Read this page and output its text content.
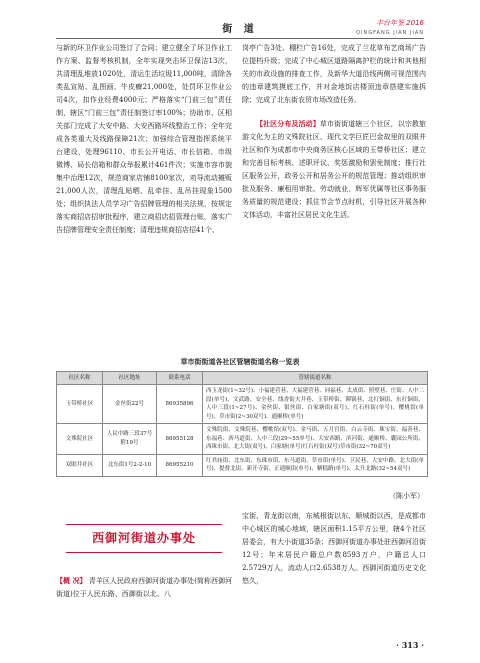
街 道
丰台年鉴 2016
QINGFANG JIAN JIAN

与新的环卫作业公司签订了合同；建立健全了环卫作业工作方案、监督考核机制，全年实现突击环卫保洁13次，共清理乱堆放1020处，清运生活垃圾11,000吨，清除各类乱宣贴、乱图画、牛皮癣21,000处，处罚环卫作业公司4次，扣作业经费4000元；严格落实“门前三包”责任制，辖区“门前三包”责任制签订率100%；协助市、区相关部门完成了大安中路、大安西路环线整治工作；全年完成各类重大及线路保障21次；加强综合管理指挥系统平台建设，处理96110、市长公开电话、市长信箱、市级微博、局长信箱和群众举报累计461件次；实施市容市貌集中治理12次，规范商家店铺8100家次，劝导流动摊贩21,000人次，清理乱贴晒、乱牵挂、乱吊挂现象1500处；组织执法人员学习广告招牌管理的相关法规，按规定落实商招店招审批程序，建立商招店招管理台账，落实广告招牌管理安全责任制度；清理违规商招店招41个、

岗亭广告3处、棚栏广告16处，完成了兰花草布艺商场广告位提档升级；完成了中心城区道路隔离护栏的统计和其他相关的市政设施的排查工作，及新华大道沿线两侧可视范围内的违章建筑摸底工作，并对金地饭店楼顶违章搭建实施拆除；完成了北东街农贸市场改造任务。

【社区分布及活动】草市街街道辖三个社区，以宗教旅游文化为主的文殊院社区、现代文学巨匠巴金故里的双眼井社区和作为成都市中央商务区核心区域的玉带桥社区；建立和完善目标考核、述职评议、奖惩激励和罢免制度；推行社区服务公开，政务公开和居务公开的规范管理；推动组织审批及服务、廉租用审批、劳动就业、辉军优属等社区事务服务质量的规范建设；抓住节会节点时机，引导社区开展各种文体活动，丰富社区居民文化生活。

草市街街道各社区管辖街道名称一览表
社区名称	社区地址	联系电话	管辖街道名称
玉带桥社区	金丝街22号	86935896	西玉龙街(1~32号)、小福建营巷、大福建营巷、同福巷、太成街、照壁巷、庄街、人中二段(单号)、文武路、安全巷、线香街夫井巷、玉带桥街、铆锅巷、北打铜街、东打铜街、人中三段(1~27号)、金丝街、银丝街、白家塘街(双号)、红石柱街(单号)、樱桃馆(单号)、草市街(2~30双号)、通顺桥(单号)
文殊院社区	人民中路三段37号附19号	86955128	文殊院街、文殊院巷、樱桃馆(双号)、金马街、五月宫街、白云寺街、珠宝街、福善巷、东福巷、西马道街、人中三段(29~55单号)、大安西路、滨河街、通顺桥、囊园公所街、西珠市街、北大街(双号)、白家塘(单号)红石柱街(双号)草市街(32~70双号)
双眼井社区	北东街1号2-2-10	86955210	红君庙街、北东街、东珠市街、东马道街、草市街(单号)、卫民巷、大安中路、北大街(单号)、提督北街、新开寺街、正通顺街(单号)、糖糕路(单号)、太升北路(32~54双号)
（陈小军）
西御河街道办事处

【概 况】 青羊区人民政府西御河街道办事处(简称西御河街道)位于人民东路、西御街以北、八

宝街、青龙街以南，东城根街以东、顺城街以西，是成都市中心城区的城心地域，辖区面积1.15平方公里，辖4个社区居委会，有大小街道35条；西御河街道办事处驻西御河沿街12号；年末居民户籍总户数8593万户，户籍总人口2.5729万人，流动人口2.6538万人。西御河街道历史文化悠久，

· 313 ·
